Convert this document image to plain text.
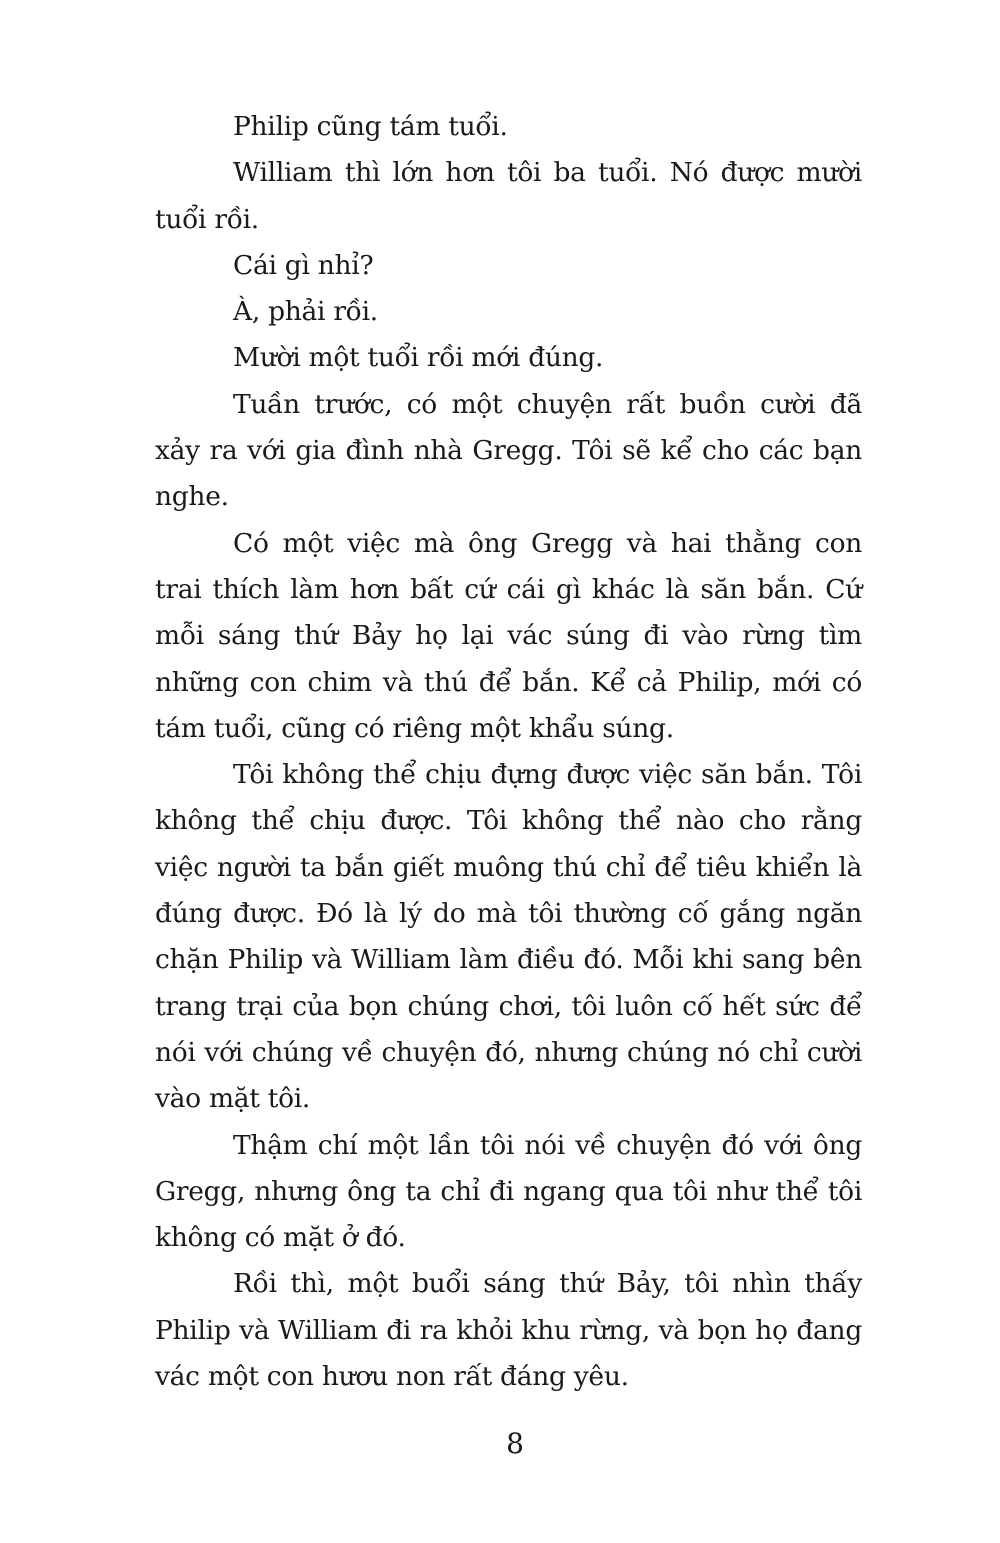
Philip cũng tám tuổi.

William thì lớn hơn tôi ba tuổi. Nó được mười tuổi rồi.

Cái gì nhỉ?

À, phải rồi.

Mười một tuổi rồi mới đúng.

Tuần trước, có một chuyện rất buồn cười đã xảy ra với gia đình nhà Gregg. Tôi sẽ kể cho các bạn nghe.

Có một việc mà ông Gregg và hai thằng con trai thích làm hơn bất cứ cái gì khác là săn bắn. Cứ mỗi sáng thứ Bảy họ lại vác súng đi vào rừng tìm những con chim và thú để bắn. Kể cả Philip, mới có tám tuổi, cũng có riêng một khẩu súng.

Tôi không thể chịu đựng được việc săn bắn. Tôi không thể chịu được. Tôi không thể nào cho rằng việc người ta bắn giết muông thú chỉ để tiêu khiển là đúng được. Đó là lý do mà tôi thường cố gắng ngăn chặn Philip và William làm điều đó. Mỗi khi sang bên trang trại của bọn chúng chơi, tôi luôn cố hết sức để nói với chúng về chuyện đó, nhưng chúng nó chỉ cười vào mặt tôi.

Thậm chí một lần tôi nói về chuyện đó với ông Gregg, nhưng ông ta chỉ đi ngang qua tôi như thể tôi không có mặt ở đó.

Rồi thì, một buổi sáng thứ Bảy, tôi nhìn thấy Philip và William đi ra khỏi khu rừng, và bọn họ đang vác một con hươu non rất đáng yêu.

8
